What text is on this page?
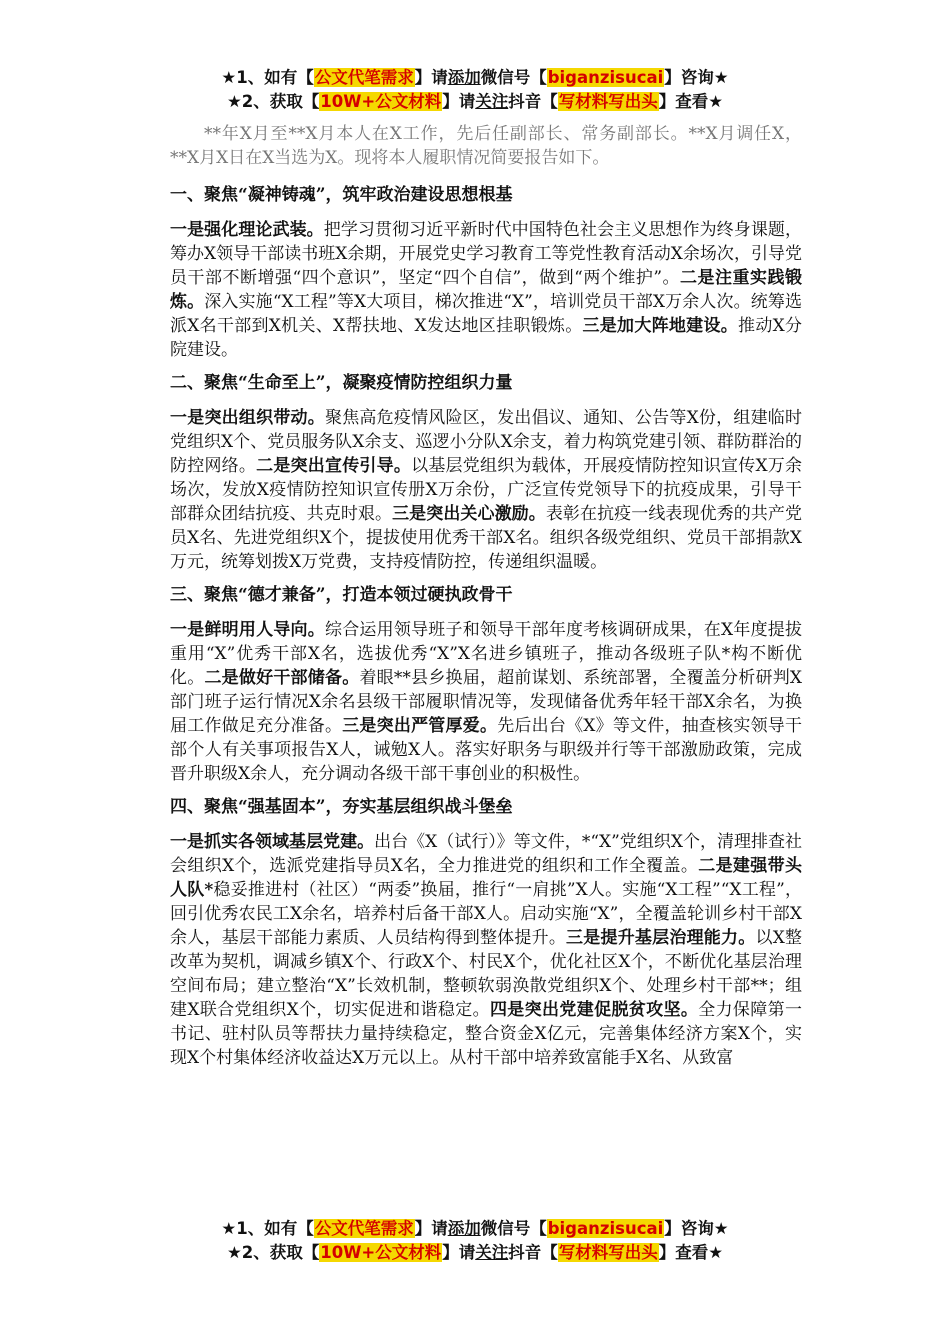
★1、如有【公文代笔需求】请添加微信号【biganzisucai】咨询★
★2、获取【10W+公文材料】请关注抖音【写材料写出头】查看★

**年X月至**X月本人在X工作，先后任副部长、常务副部长。**X月调任X，**X月X日在X当选为X。现将本人履职情况简要报告如下。

一、聚焦“凝神铸魂”，筑牢政治建设思想根基

一是强化理论武装。把学习贯彻习近平新时代中国特色社会主义思想作为终身课题，筹办X领导干部读书班X余期，开展党史学习教育工等党性教育活动X余场次，引导党员干部不断增强“四个意识”，坚定“四个自信”，做到“两个维护”。二是注重实践锻炼。深入实施“X工程”等X大项目，梯次推进“X”，培训党员干部X万余人次。统筹选派X名干部到X机关、X帮扶地、X发达地区挂职锻炼。三是加大阵地建设。推动X分院建设。

二、聚焦“生命至上”，凝聚疫情防控组织力量

一是突出组织带动。聚焦高危疫情风险区，发出倡议、通知、公告等X份，组建临时党组织X个、党员服务队X余支、巡逻小分队X余支，着力构筑党建引领、群防群治的防控网络。二是突出宣传引导。以基层党组织为载体，开展疫情防控知识宣传X万余场次，发放X疫情防控知识宣传册X万余份，广泛宣传党领导下的抗疫成果，引导干部群众团结抗疫、共克时艰。三是突出关心激励。表彰在抗疫一线表现优秀的共产党员X名、先进党组织X个，提拔使用优秀干部X名。组织各级党组织、党员干部捐款X万元，统筹划拨X万党费，支持疫情防控，传递组织温暖。

三、聚焦“德才兼备”，打造本领过硬执政骨干

一是鲜明用人导向。综合运用领导班子和领导干部年度考核调研成果，在X年度提拔重用“X”优秀干部X名，选拔优秀“X”X名进乡镇班子，推动各级班子队*构不断优化。二是做好干部储备。着眼**县乡换届，超前谋划、系统部署，全覆盖分析研判X部门班子运行情况X余名县级干部履职情况等，发现储备优秀年轻干部X余名，为换届工作做足充分准备。三是突出严管厚爱。先后出台《X》等文件，抽查核实领导干部个人有关事项报告X人，诫勉X人。落实好职务与职级并行等干部激励政策，完成晋升职级X余人，充分调动各级干部干事创业的积极性。

四、聚焦“强基固本”，夯实基层组织战斗堡垒

一是抓实各领域基层党建。出台《X（试行）》等文件，*“X”党组织X个，清理排查社会组织X个，选派党建指导员X名，全力推进党的组织和工作全覆盖。二是建强带头人队*稳妥推进村（社区）“两委”换届，推行“一肩挑”X人。实施“X工程”“X工程”，回引优秀农民工X余名，培养村后备干部X人。启动实施“X”，全覆盖轮训乡村干部X余人，基层干部能力素质、人员结构得到整体提升。三是提升基层治理能力。以X整改革为契机，调减乡镇X个、行政X个、村民X个，优化社区X个，不断优化基层治理空间布局；建立整治“X”长效机制，整顿软弱涣散党组织X个、处理乡村干部**；组建X联合党组织X个，切实促进和谐稳定。四是突出党建促脱贫攻坚。全力保障第一书记、驻村队员等帮扶力量持续稳定，整合资金X亿元，完善集体经济方案X个，实现X个村集体经济收益达X万元以上。从村干部中培养致富能手X名、从致富

★1、如有【公文代笔需求】请添加微信号【biganzisucai】咨询★
★2、获取【10W+公文材料】请关注抖音【写材料写出头】查看★
